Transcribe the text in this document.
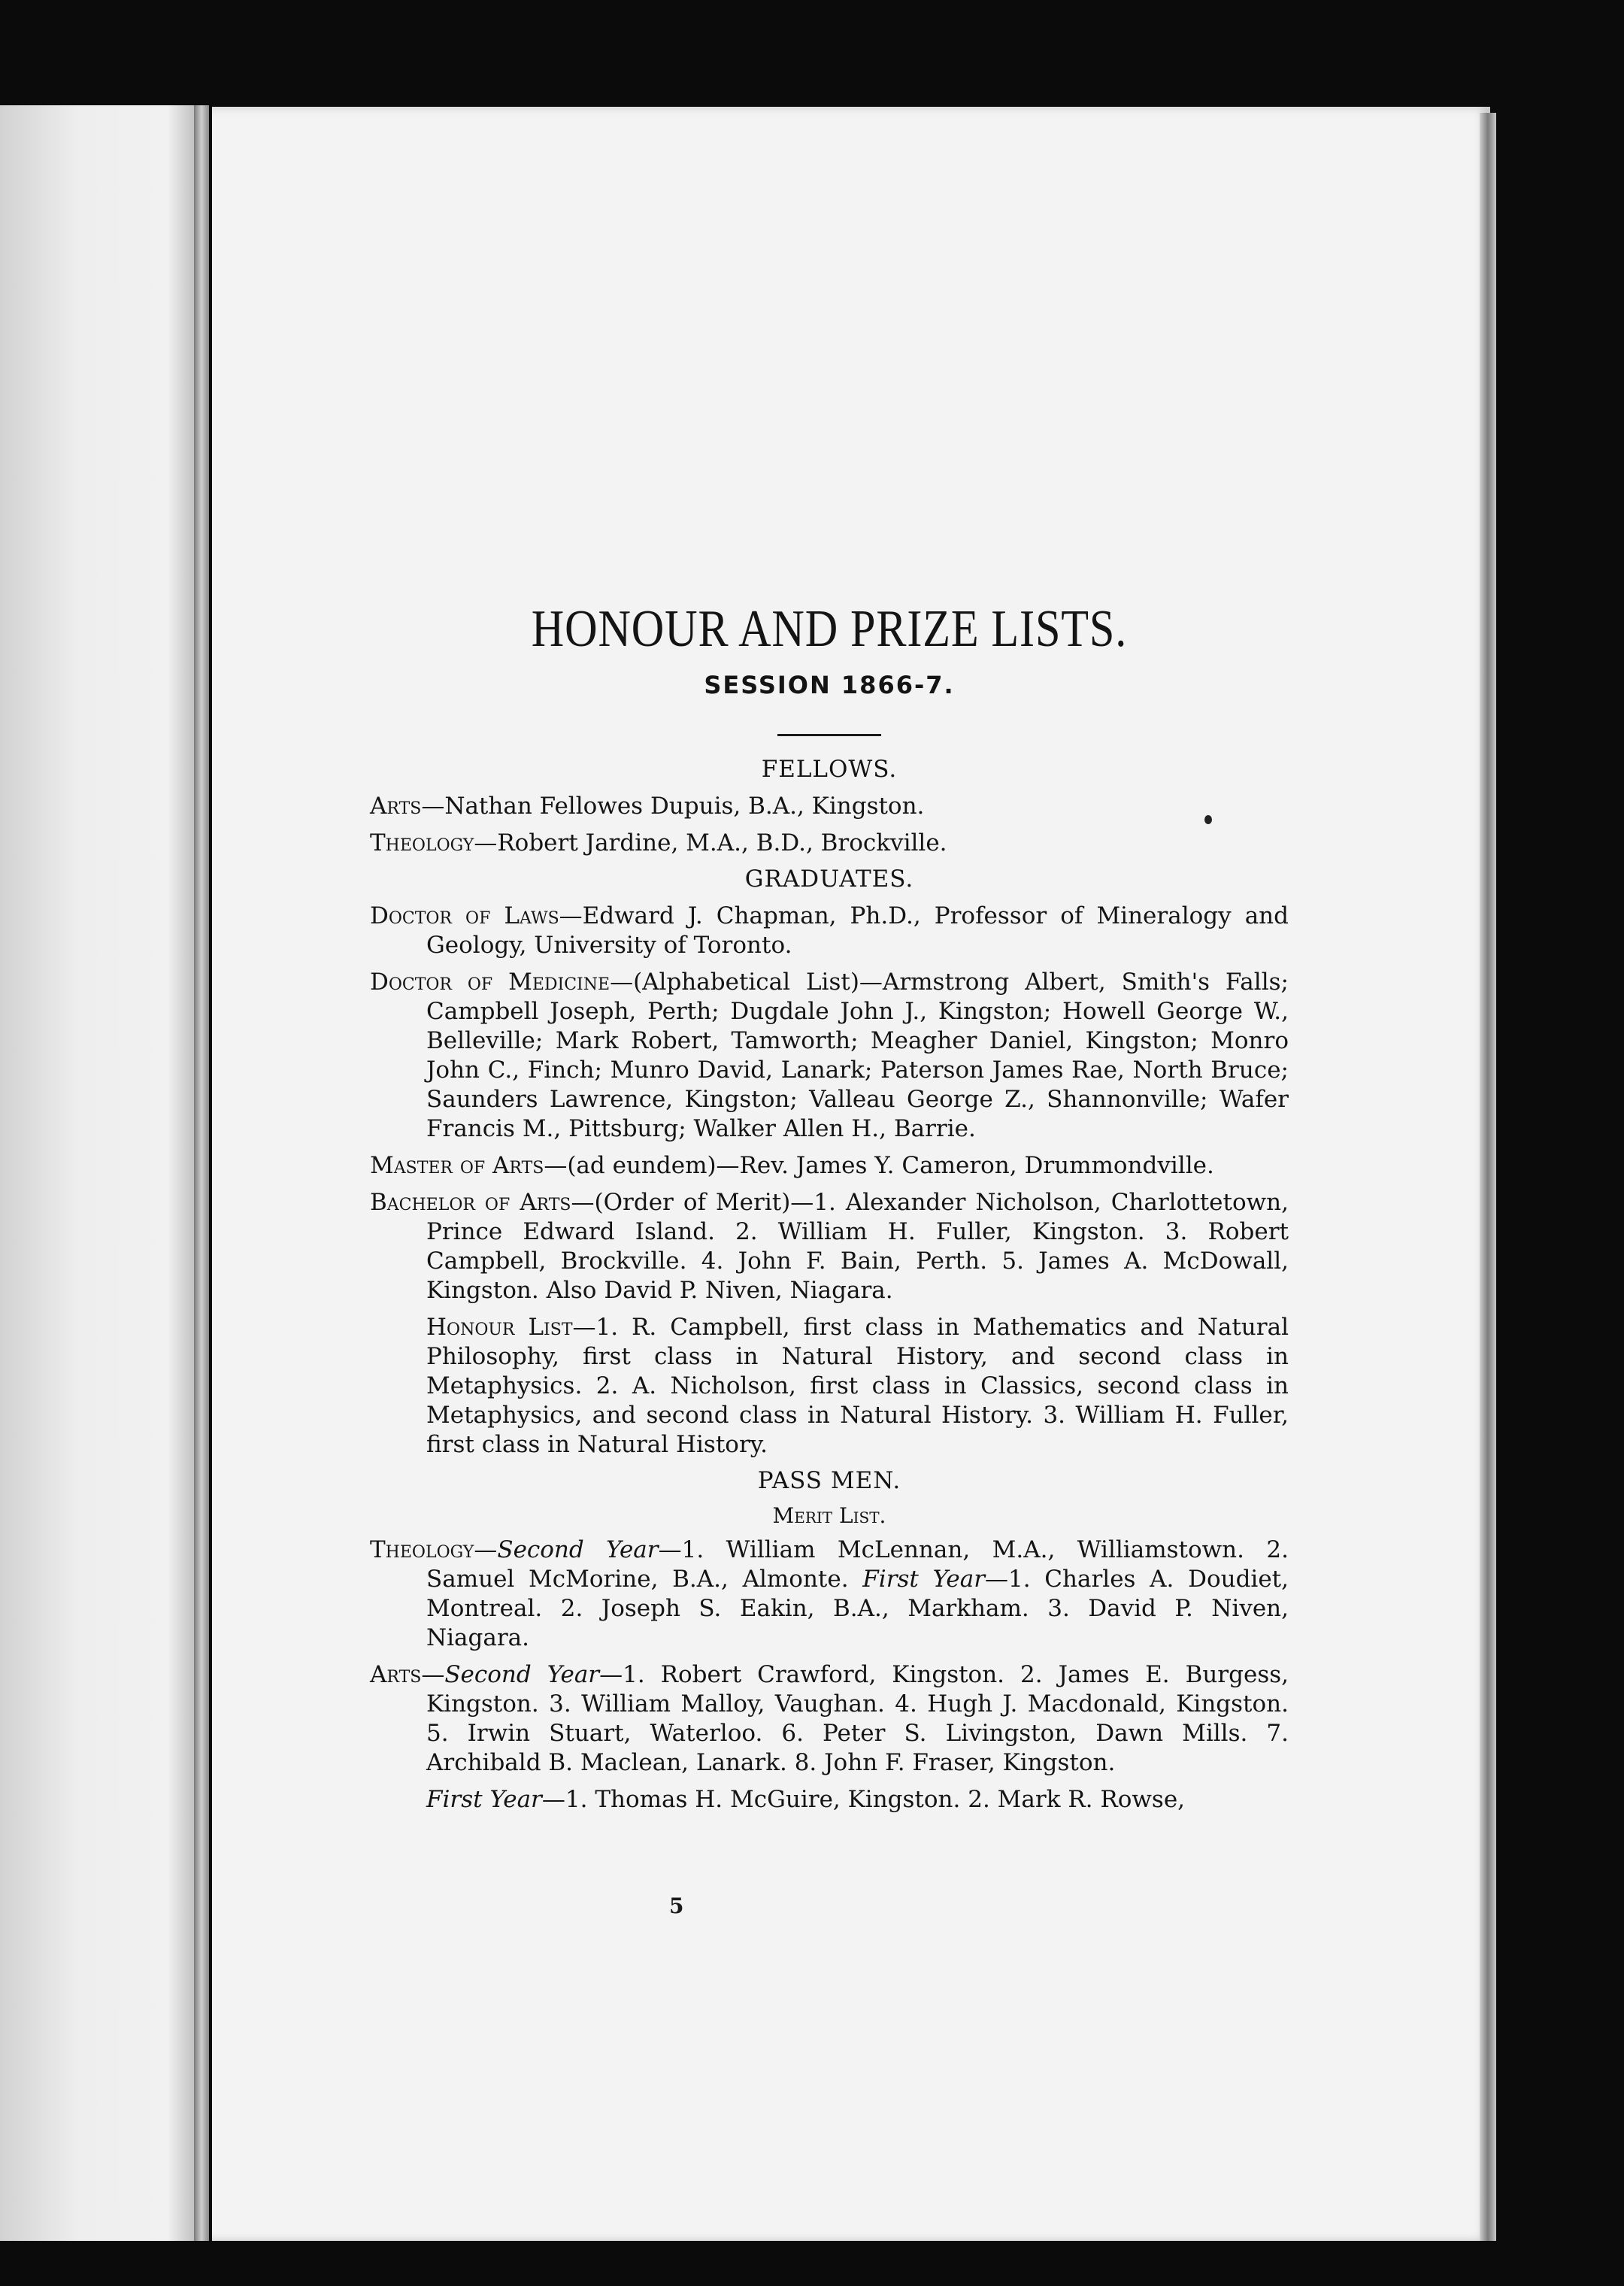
HONOUR AND PRIZE LISTS.
SESSION 1866-7.
FELLOWS.

Arts—Nathan Fellowes Dupuis, B.A., Kingston.

Theology—Robert Jardine, M.A., B.D., Brockville.

GRADUATES.

Doctor of Laws—Edward J. Chapman, Ph.D., Professor of Mineralogy and Geology, University of Toronto.

Doctor of Medicine—(Alphabetical List)—Armstrong Albert, Smith's Falls; Campbell Joseph, Perth; Dugdale John J., Kingston; Howell George W., Belleville; Mark Robert, Tamworth; Meagher Daniel, Kingston; Monro John C., Finch; Munro David, Lanark; Paterson James Rae, North Bruce; Saunders Lawrence, Kingston; Valleau George Z., Shannonville; Wafer Francis M., Pittsburg; Walker Allen H., Barrie.

Master of Arts—(ad eundem)—Rev. James Y. Cameron, Drummondville.

Bachelor of Arts—(Order of Merit)—1. Alexander Nicholson, Charlottetown, Prince Edward Island. 2. William H. Fuller, Kingston. 3. Robert Campbell, Brockville. 4. John F. Bain, Perth. 5. James A. McDowall, Kingston. Also David P. Niven, Niagara.

Honour List—1. R. Campbell, first class in Mathematics and Natural Philosophy, first class in Natural History, and second class in Metaphysics. 2. A. Nicholson, first class in Classics, second class in Metaphysics, and second class in Natural History. 3. William H. Fuller, first class in Natural History.

PASS MEN.
Merit List.

Theology—Second Year—1. William McLennan, M.A., Williamstown. 2. Samuel McMorine, B.A., Almonte. First Year—1. Charles A. Doudiet, Montreal. 2. Joseph S. Eakin, B.A., Markham. 3. David P. Niven, Niagara.

Arts—Second Year—1. Robert Crawford, Kingston. 2. James E. Burgess, Kingston. 3. William Malloy, Vaughan. 4. Hugh J. Macdonald, Kingston. 5. Irwin Stuart, Waterloo. 6. Peter S. Livingston, Dawn Mills. 7. Archibald B. Maclean, Lanark. 8. John F. Fraser, Kingston.

First Year—1. Thomas H. McGuire, Kingston. 2. Mark R. Rowse,

5
